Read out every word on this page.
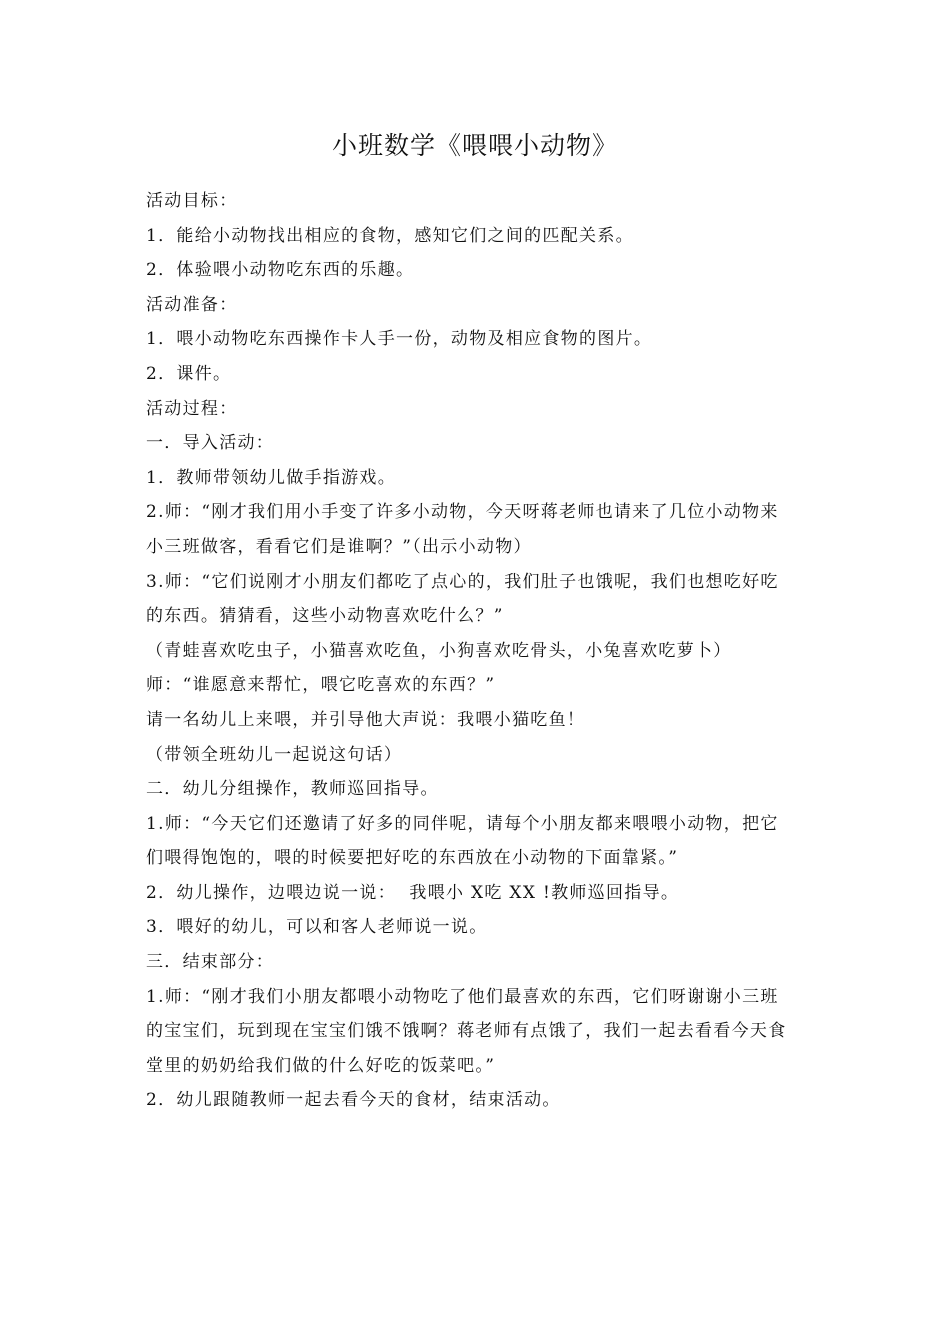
小班数学《喂喂小动物》
活动目标：
1．能给小动物找出相应的食物，感知它们之间的匹配关系。
2．体验喂小动物吃东西的乐趣。
活动准备：
1．喂小动物吃东西操作卡人手一份，动物及相应食物的图片。
2．课件。
活动过程：
一．导入活动：
1．教师带领幼儿做手指游戏。
2.师：“刚才我们用小手变了许多小动物，今天呀蒋老师也请来了几位小动物来
小三班做客，看看它们是谁啊？”（出示小动物）
3.师：“它们说刚才小朋友们都吃了点心的，我们肚子也饿呢，我们也想吃好吃
的东西。猜猜看，这些小动物喜欢吃什么？”
（青蛙喜欢吃虫子，小猫喜欢吃鱼，小狗喜欢吃骨头，小兔喜欢吃萝卜）
师：“谁愿意来帮忙，喂它吃喜欢的东西？”
请一名幼儿上来喂，并引导他大声说：我喂小猫吃鱼！
（带领全班幼儿一起说这句话）
二．幼儿分组操作，教师巡回指导。
1.师：“今天它们还邀请了好多的同伴呢，请每个小朋友都来喂喂小动物，把它
们喂得饱饱的，喂的时候要把好吃的东西放在小动物的下面靠紧。”
2．幼儿操作，边喂边说一说：  我喂小 X吃 XX !教师巡回指导。
3．喂好的幼儿，可以和客人老师说一说。
三．结束部分：
1.师：“刚才我们小朋友都喂小动物吃了他们最喜欢的东西，它们呀谢谢小三班
的宝宝们，玩到现在宝宝们饿不饿啊？蒋老师有点饿了，我们一起去看看今天食
堂里的奶奶给我们做的什么好吃的饭菜吧。”
2．幼儿跟随教师一起去看今天的食材，结束活动。
